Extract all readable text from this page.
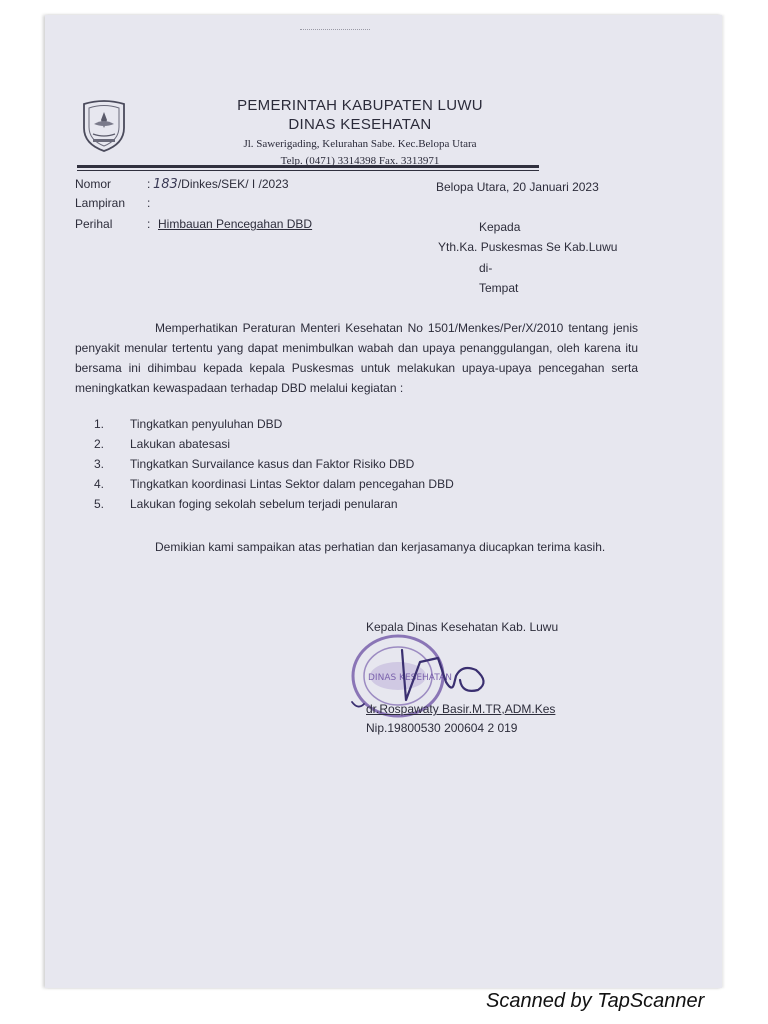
PEMERINTAH KABUPATEN LUWU
DINAS KESEHATAN
Jl. Sawerigading, Kelurahan Sabe. Kec.Belopa Utara
Telp. (0471) 3314398 Fax. 3313971
Nomor	: 183/Dinkes/SEK/ I /2023
Lampiran :
Perihal	: Himbauan Pencegahan DBD
Belopa Utara, 20 Januari 2023
Kepada
Yth.Ka. Puskesmas Se Kab.Luwu
di-
Tempat
Memperhatikan Peraturan Menteri Kesehatan No 1501/Menkes/Per/X/2010 tentang jenis penyakit menular tertentu yang dapat menimbulkan wabah dan upaya penanggulangan, oleh karena itu bersama ini dihimbau kepada kepala Puskesmas untuk melakukan upaya-upaya pencegahan serta meningkatkan kewaspadaan terhadap DBD melalui kegiatan :
1. Tingkatkan penyuluhan DBD
2. Lakukan abatesasi
3. Tingkatkan Survailance kasus dan Faktor Risiko DBD
4. Tingkatkan koordinasi Lintas Sektor dalam pencegahan DBD
5. Lakukan foging sekolah sebelum terjadi penularan
Demikian kami sampaikan atas perhatian dan kerjasamanya diucapkan terima kasih.
Kepala Dinas Kesehatan Kab. Luwu
DINAS KESEHATAN
dr.Rospawaty Basir.M.TR,ADM.Kes
Nip.19800530 200604 2 019
Scanned by TapScanner
